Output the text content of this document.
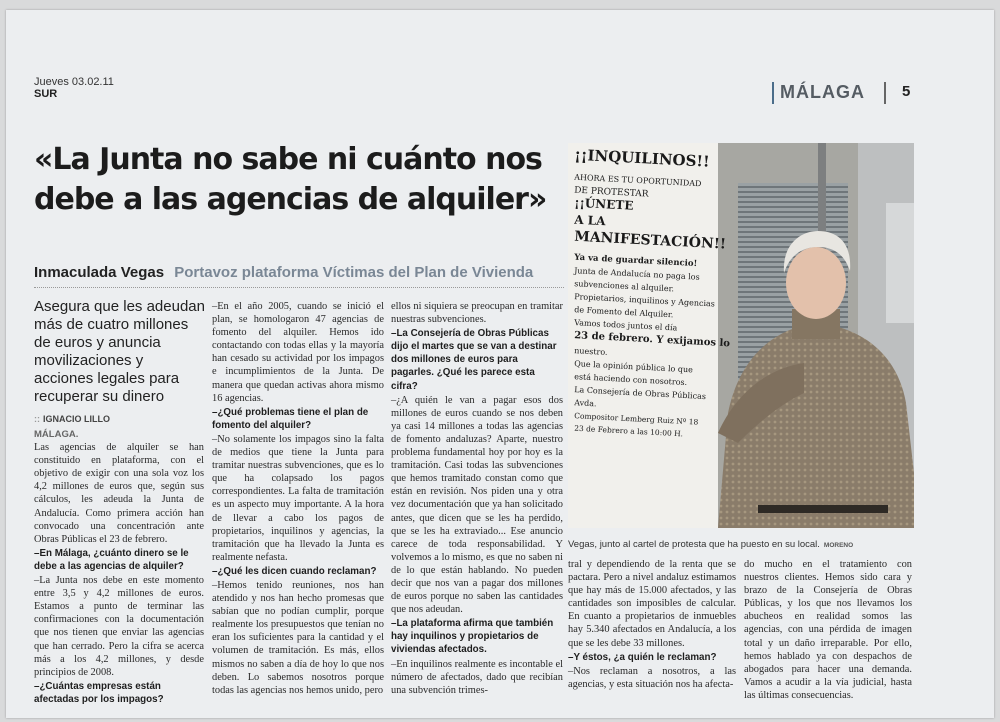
Jueves 03.02.11
SUR	MÁLAGA 5
«La Junta no sabe ni cuánto nos debe a las agencias de alquiler»
Inmaculada Vegas Portavoz plataforma Víctimas del Plan de Vivienda
Asegura que les adeudan más de cuatro millones de euros y anuncia movilizaciones y acciones legales para recuperar su dinero
:: IGNACIO LILLO

MÁLAGA.

Las agencias de alquiler se han constituido en plataforma, con el objetivo de exigir con una sola voz los 4,2 millones de euros que, según sus cálculos, les adeuda la Junta de Andalucía. Como primera acción han convocado una concentración ante Obras Públicas el 23 de febrero.

–En Málaga, ¿cuánto dinero se le debe a las agencias de alquiler?

–La Junta nos debe en este momento entre 3,5 y 4,2 millones de euros. Estamos a punto de terminar las confirmaciones con la documentación que nos tienen que enviar las agencias que han cerrado. Pero la cifra se acerca más a los 4,2 millones, y desde principios de 2008.

–¿Cuántas empresas están afectadas por los impagos?

–En el año 2005, cuando se inició el plan, se homologaron 47 agencias de fomento del alquiler. Hemos ido contactando con todas ellas y la mayoría han cesado su actividad por los impagos e incumplimientos de la Junta. De manera que quedan activas ahora mismo 16 agencias.

–¿Qué problemas tiene el plan de fomento del alquiler?

–No solamente los impagos sino la falta de medios que tiene la Junta para tramitar nuestras subvenciones, que es lo que ha colapsado los pagos correspondientes. La falta de tramitación es un aspecto muy importante. A la hora de llevar a cabo los pagos de propietarios, inquilinos y agencias, la tramitación que ha llevado la Junta es realmente nefasta.

–¿Qué les dicen cuando reclaman?

–Hemos tenido reuniones, nos han atendido y nos han hecho promesas que sabían que no podían cumplir, porque realmente los presupuestos que tenían no eran los suficientes para la cantidad y el volumen de tramitación. Es más, ellos mismos no saben a día de hoy lo que nos deben. Lo sabemos nosotros porque todas las agencias nos hemos unido, pero

ellos ni siquiera se preocupan en tramitar nuestras subvenciones.

–La Consejería de Obras Públicas dijo el martes que se van a destinar dos millones de euros para pagarles. ¿Qué les parece esta cifra?

–¿A quién le van a pagar esos dos millones de euros cuando se nos deben ya casi 14 millones a todas las agencias de fomento andaluzas? Aparte, nuestro problema fundamental hoy por hoy es la tramitación. Casi todas las subvenciones que hemos tramitado constan como que están en revisión. Nos piden una y otra vez documentación que ya han solicitado antes, que dicen que se les ha perdido, que se les ha extraviado... Ese anuncio carece de toda responsabilidad. Y volvemos a lo mismo, es que no saben ni de lo que están hablando. No pueden decir que nos van a pagar dos millones de euros porque no saben las cantidades que nos adeudan.

–La plataforma afirma que también hay inquilinos y propietarios de viviendas afectados.

–En inquilinos realmente es incontable el número de afectados, dado que recibían una subvención trimes-

tral y dependiendo de la renta que se pactara. Pero a nivel andaluz estimamos que hay más de 15.000 afectados, y las cantidades son imposibles de calcular. En cuanto a propietarios de inmuebles hay 5.340 afectados en Andalucía, a los que se les debe 33 millones.

–Y éstos, ¿a quién le reclaman?

–Nos reclaman a nosotros, a las agencias, y esta situación nos ha afecta-

do mucho en el tratamiento con nuestros clientes. Hemos sido cara y brazo de la Consejería de Obras Públicas, y los que nos llevamos los abucheos en realidad somos las agencias, con una pérdida de imagen total y un daño irreparable. Por ello, hemos hablado ya con despachos de abogados para hacer una demanda. Vamos a acudir a la vía judicial, hasta las últimas consecuencias.

¡¡INQUILINOS!!
AHORA ES TU OPORTUNIDAD
DE PROTESTAR
¡¡ÚNETE
A LA
MANIFESTACIÓN!!
Ya va de guardar silencio!
Junta de Andalucía no paga los
subvenciones al alquiler.
Propietarios, inquilinos y Agencias
de Fomento del Alquiler.
Vamos todos juntos el día
23 de febrero. Y exijamos lo
nuestro.
Que la opinión pública lo que
está haciendo con nosotros.
La Consejería de Obras Públicas
Avda.
Compositor Lemberg Ruiz Nº 18
23 de Febrero a las 10:00 H.
Vegas, junto al cartel de protesta que ha puesto en su local. MORENO
